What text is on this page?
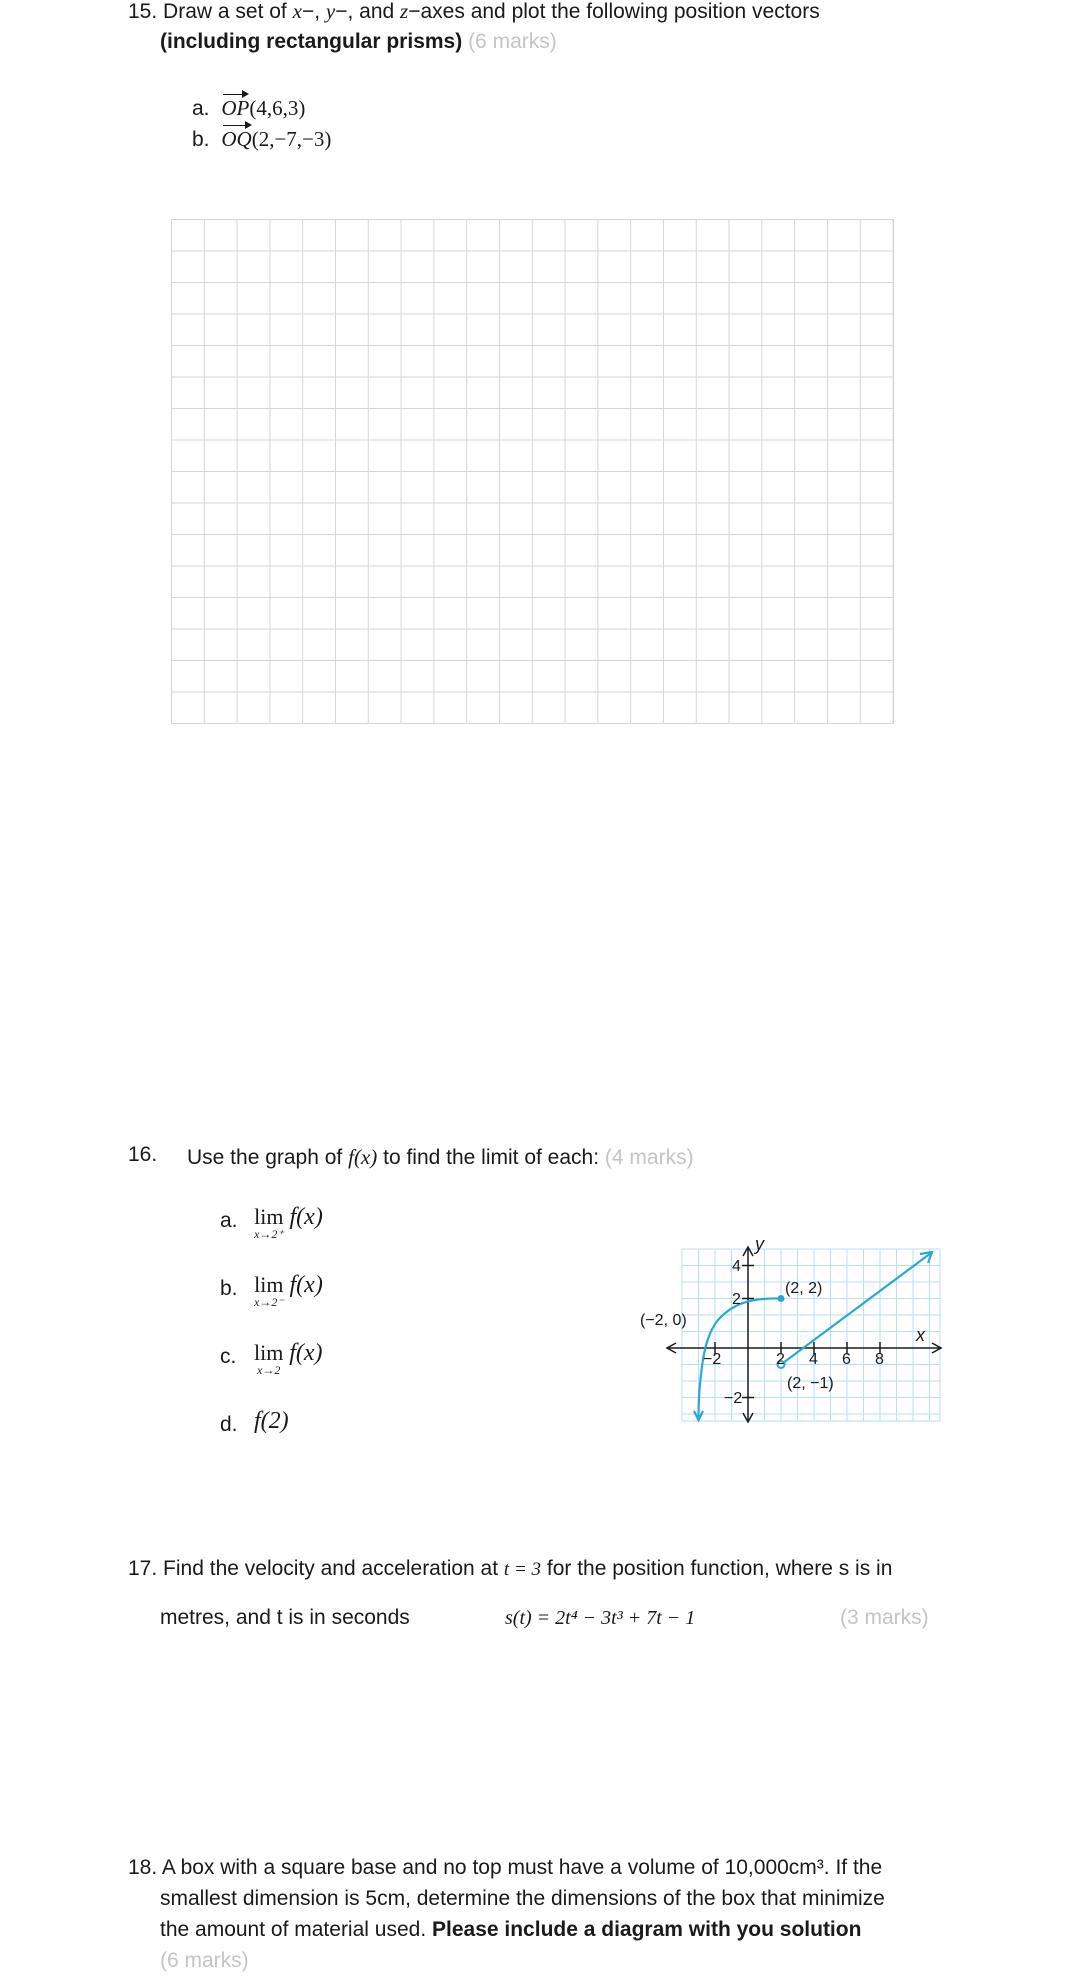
15. Draw a set of x−, y−, and z−axes and plot the following position vectors
(including rectangular prisms) (6 marks)
a. OP(4,6,3)
b. OQ(2,−7,−3)
16. Use the graph of f(x) to find the limit of each: (4 marks)
a. lim
x→2⁺
f(x)
b. lim
x→2⁻
f(x)
c. lim
x→2
f(x)
d. f(2)
y
x
4
2
−2
−2	2 4 6 8
(−2, 0)
(2, 2)
(2, −1)
17. Find the velocity and acceleration at t = 3 for the position function, where s is in
metres, and t is in seconds	s(t) = 2t⁴ − 3t³ + 7t − 1	(3 marks)
18. A box with a square base and no top must have a volume of 10,000cm³. If the
smallest dimension is 5cm, determine the dimensions of the box that minimize
the amount of material used. Please include a diagram with you solution
(6 marks)
